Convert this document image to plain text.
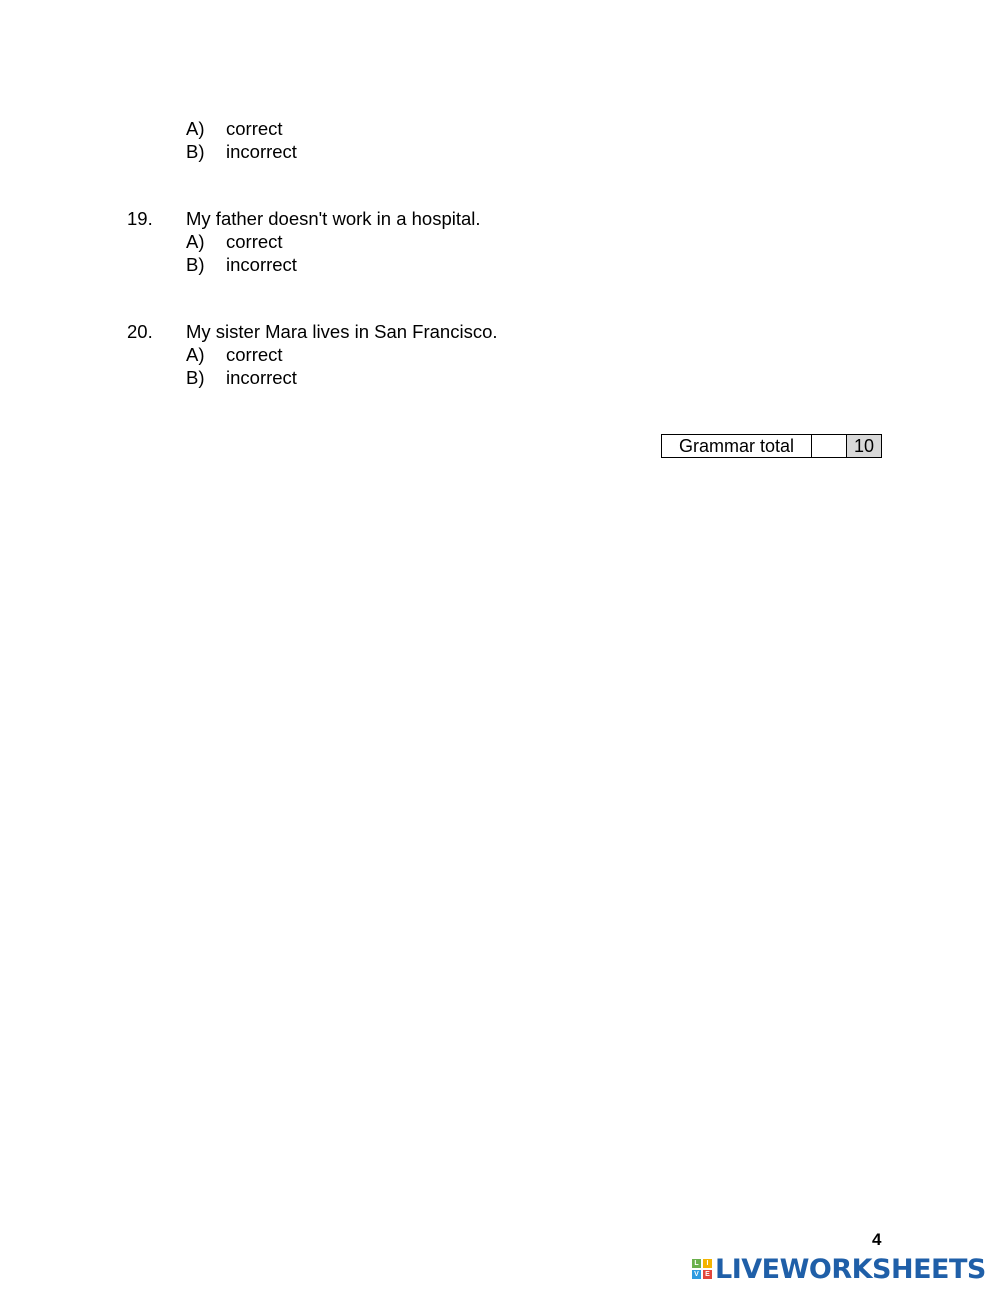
A) correct
B) incorrect
19. My father doesn't work in a hospital.
A) correct
B) incorrect
20. My sister Mara lives in San Francisco.
A) correct
B) incorrect
Grammar total		10
4
L	I
V E LIVEWORKSHEETS
